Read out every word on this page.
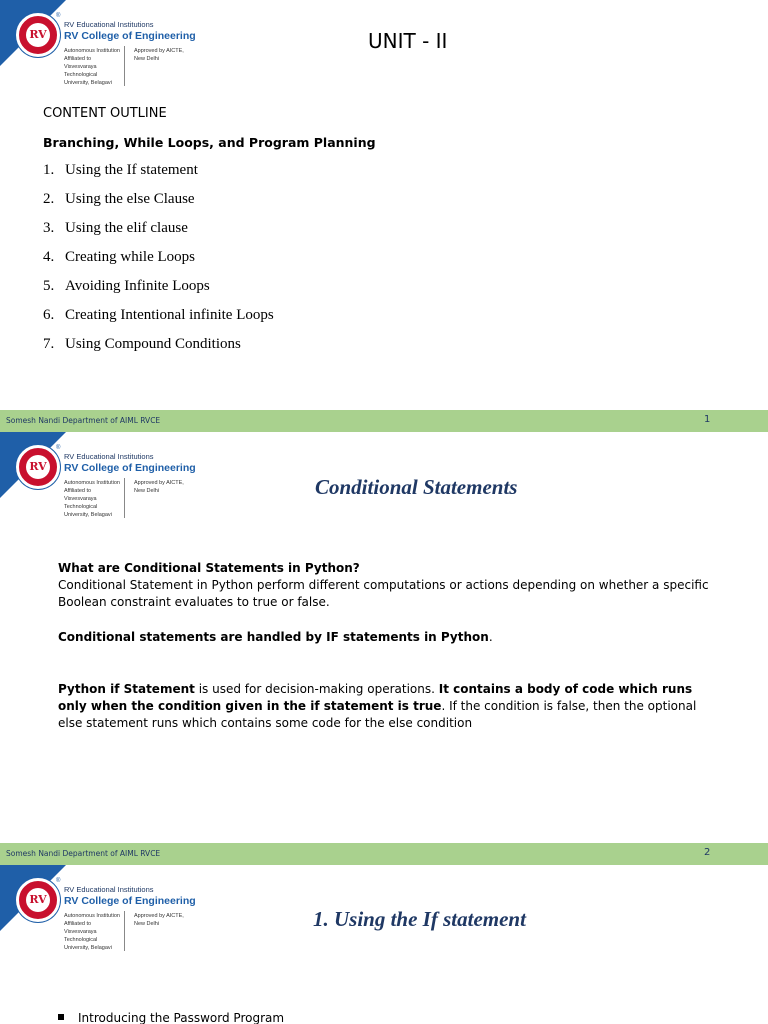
RV
®
RV Educational Institutions
RV College of Engineering
Autonomous Institution Affiliated to Visvesvaraya Technological University, Belagavi
Approved by AICTE, New Delhi
UNIT - II
CONTENT OUTLINE
Branching, While Loops, and Program Planning
1. Using the If statement
2. Using the else Clause
3. Using the elif clause
4. Creating while Loops
5. Avoiding Infinite Loops
6. Creating Intentional infinite Loops
7. Using Compound Conditions
Somesh Nandi Department of AIML RVCE	1
RV
®
RV Educational Institutions
RV College of Engineering
Autonomous Institution Affiliated to Visvesvaraya Technological University, Belagavi
Approved by AICTE, New Delhi	Conditional Statements
What are Conditional Statements in Python?
Conditional Statement in Python perform different computations or actions depending on whether a specific Boolean constraint evaluates to true or false.
Conditional statements are handled by IF statements in Python.
Python if Statement is used for decision-making operations. It contains a body of code which runs only when the condition given in the if statement is true. If the condition is false, then the optional else statement runs which contains some code for the else condition
Somesh Nandi Department of AIML RVCE	2
RV
®
RV Educational Institutions
RV College of Engineering
Autonomous Institution Affiliated to Visvesvaraya Technological University, Belagavi
Approved by AICTE, New Delhi	1. Using the If statement
Introducing the Password Program
